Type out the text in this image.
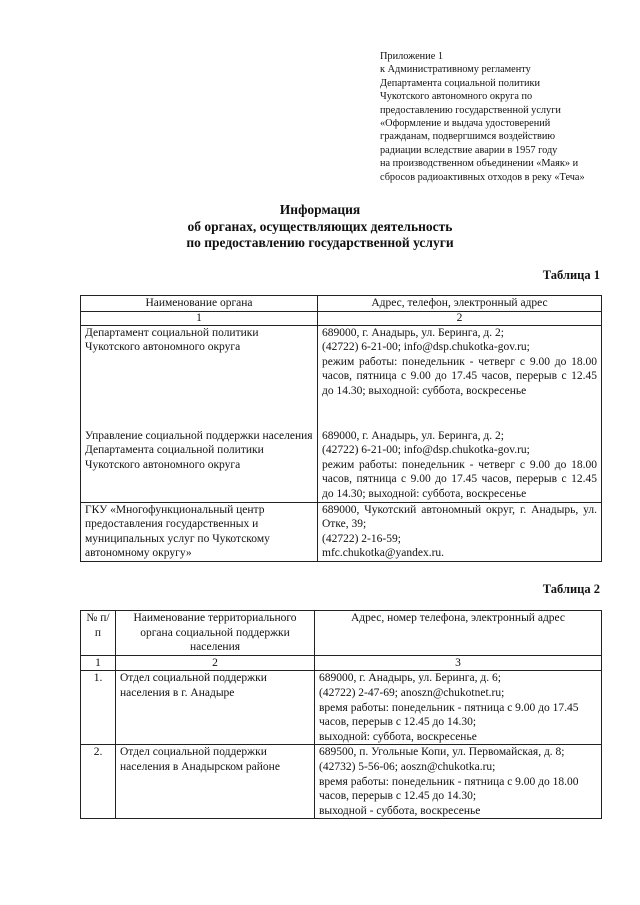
Приложение 1
к Административному регламенту
Департамента социальной политики
Чукотского автономного округа по
предоставлению государственной услуги
«Оформление и выдача удостоверений
гражданам, подвергшимся воздействию
радиации вследствие аварии в 1957 году
на производственном объединении «Маяк» и
сбросов радиоактивных отходов в реку «Теча»
Информация
об органах, осуществляющих деятельность
по предоставлению государственной услуги
Таблица 1
Наименование органа	Адрес, телефон, электронный адрес
1	2
Департамент социальной политики Чукотского автономного округа	689000, г. Анадырь, ул. Беринга, д. 2;
(42722) 6-21-00; info@dsp.chukotka-gov.ru;
режим работы: понедельник - четверг с 9.00 до 18.00 часов, пятница с 9.00 до 17.45 часов, перерыв с 12.45 до 14.30; выходной: суббота, воскресенье

Управление социальной поддержки населения Департамента социальной политики Чукотского автономного округа	689000, г. Анадырь, ул. Беринга, д. 2;
(42722) 6-21-00; info@dsp.chukotka-gov.ru;
режим работы: понедельник - четверг с 9.00 до 18.00 часов, пятница с 9.00 до 17.45 часов, перерыв с 12.45 до 14.30; выходной: суббота, воскресенье

ГКУ «Многофункциональный центр предоставления государственных и муниципальных услуг по Чукотскому автономному округу»	689000, Чукотский автономный округ, г. Анадырь, ул. Отке, 39;
(42722) 2-16-59;
mfc.chukotka@yandex.ru.
Таблица 2
№ п/п	Наименование территориального органа социальной поддержки населения	Адрес, номер телефона, электронный адрес
1	2	3
1.	Отдел социальной поддержки населения в г. Анадыре	689000, г. Анадырь, ул. Беринга, д. 6;
(42722) 2-47-69; anoszn@chukotnet.ru;
время работы: понедельник - пятница с 9.00 до 17.45 часов, перерыв с 12.45 до 14.30;
выходной: суббота, воскресенье

2.	Отдел социальной поддержки населения в Анадырском районе	689500, п. Угольные Копи, ул. Первомайская, д. 8;
(42732) 5-56-06; aoszn@chukotka.ru;
время работы: понедельник - пятница с 9.00 до 18.00 часов, перерыв с 12.45 до 14.30;
выходной - суббота, воскресенье
